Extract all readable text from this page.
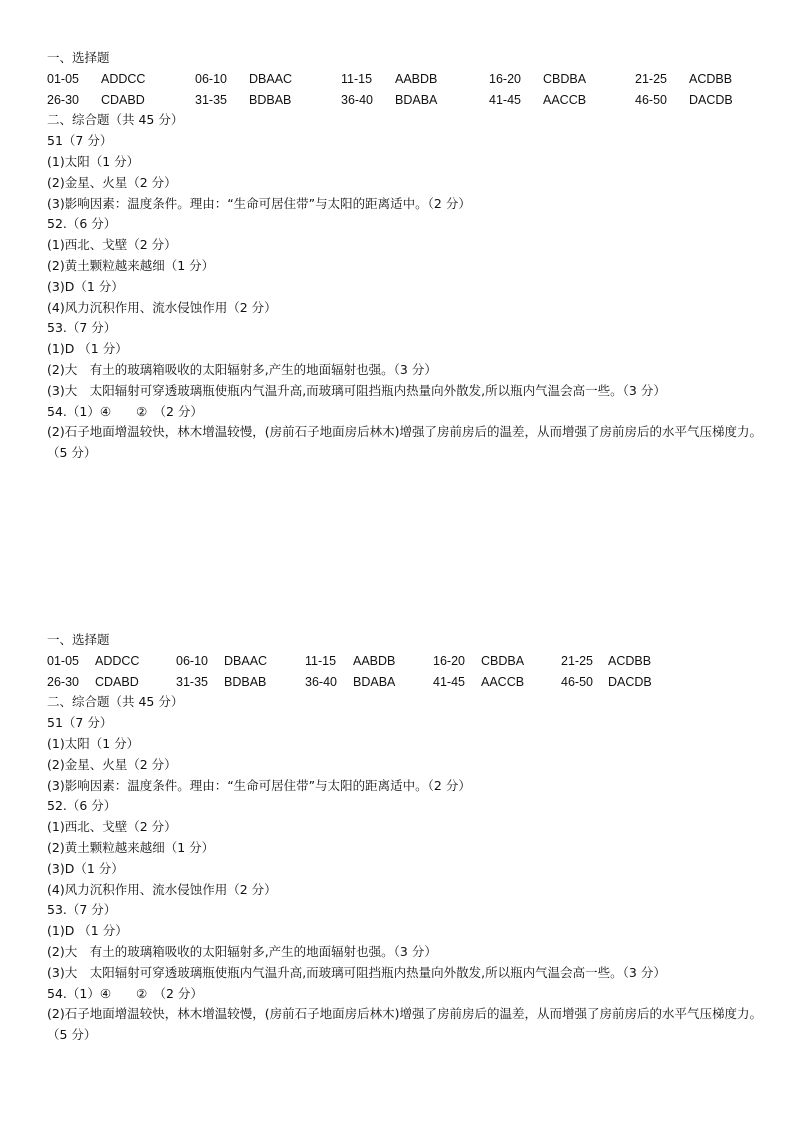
一、选择题
01-05 ADDCC	06-10 DBAAC	11-15 AABDB	16-20 CBDBA	21-25 ACDBB
26-30 CDABD	31-35 BDBAB	36-40 BDABA	41-45 AACCB	46-50 DACDB
二、综合题（共 45 分）
51（7 分）
(1)太阳（1 分）
(2)金星、火星（2 分）
(3)影响因素：温度条件。理由：“生命可居住带”与太阳的距离适中。（2 分）
52.（6 分）
(1)西北、戈壁（2 分）
(2)黄土颗粒越来越细（1 分）
(3)D（1 分）
(4)风力沉积作用、流水侵蚀作用（2 分）
53.（7 分）
(1)D （1 分）
(2)大　有土的玻璃箱吸收的太阳辐射多,产生的地面辐射也强。（3 分）
(3)大　太阳辐射可穿透玻璃瓶使瓶内气温升高,而玻璃可阻挡瓶内热量向外散发,所以瓶内气温会高一些。（3 分）
54.（1）④　　②　（2 分）
(2)石子地面增温较快，林木增温较慢，(房前石子地面房后林木)增强了房前房后的温差，从而增强了房前房后的水平气压梯度力。（5 分）
一、选择题
01-05 ADDCC	06-10 DBAAC	11-15 AABDB	16-20 CBDBA	21-25 ACDBB
26-30 CDABD	31-35 BDBAB	36-40 BDABA	41-45 AACCB	46-50 DACDB
二、综合题（共 45 分）
51（7 分）
(1)太阳（1 分）
(2)金星、火星（2 分）
(3)影响因素：温度条件。理由：“生命可居住带”与太阳的距离适中。（2 分）
52.（6 分）
(1)西北、戈壁（2 分）
(2)黄土颗粒越来越细（1 分）
(3)D（1 分）
(4)风力沉积作用、流水侵蚀作用（2 分）
53.（7 分）
(1)D （1 分）
(2)大　有土的玻璃箱吸收的太阳辐射多,产生的地面辐射也强。（3 分）
(3)大　太阳辐射可穿透玻璃瓶使瓶内气温升高,而玻璃可阻挡瓶内热量向外散发,所以瓶内气温会高一些。（3 分）
54.（1）④　　②　（2 分）
(2)石子地面增温较快，林木增温较慢，(房前石子地面房后林木)增强了房前房后的温差，从而增强了房前房后的水平气压梯度力。（5 分）
